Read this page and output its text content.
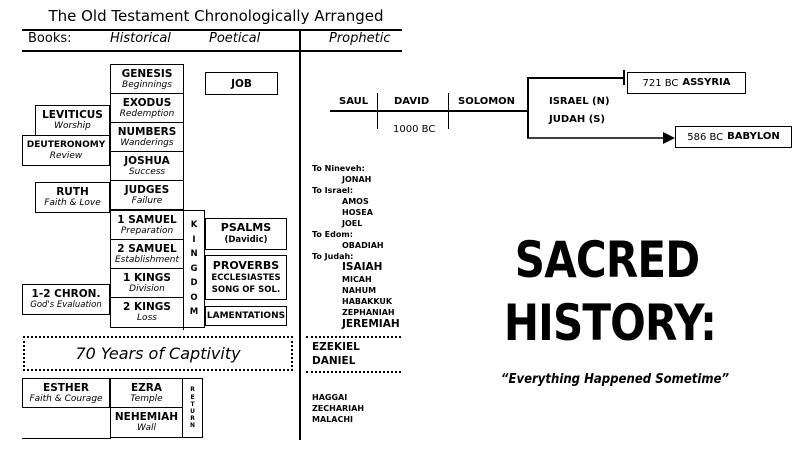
The Old Testament Chronologically Arranged
Books:	Historical	Poetical	Prophetic
GENESIS
Beginnings
EXODUS
Redemption
NUMBERS
Wanderings
JOSHUA
Success
JUDGES
Failure
1 SAMUEL
Preparation
2 SAMUEL
Establishment
1 KINGS
Division
2 KINGS
Loss
EZRA
Temple
NEHEMIAH
Wall
LEVITICUS
Worship
DEUTERONOMY
Review
RUTH
Faith & Love
1-2 CHRON.
God's Evaluation
ESTHER
Faith & Courage
K
I
N
G
D
O
M
R
E
T
U
R
N
JOB
PSALMS
(Davidic)
PROVERBS
ECCLESIASTES
SONG OF SOL.
LAMENTATIONS
70 Years of Captivity
To Nineveh:
JONAH
To Israel:
AMOS
HOSEA
JOEL
To Edom:
OBADIAH
To Judah:
ISAIAH
MICAH
NAHUM
HABAKKUK
ZEPHANIAH
JEREMIAH
EZEKIEL
DANIEL
HAGGAI
ZECHARIAH
MALACHI
SAUL	DAVID	SOLOMON
1000 BC
ISRAEL (N)
JUDAH (S)
721 BC ASSYRIA
586 BC BABYLON
SACRED
HISTORY:
“Everything Happened Sometime”
